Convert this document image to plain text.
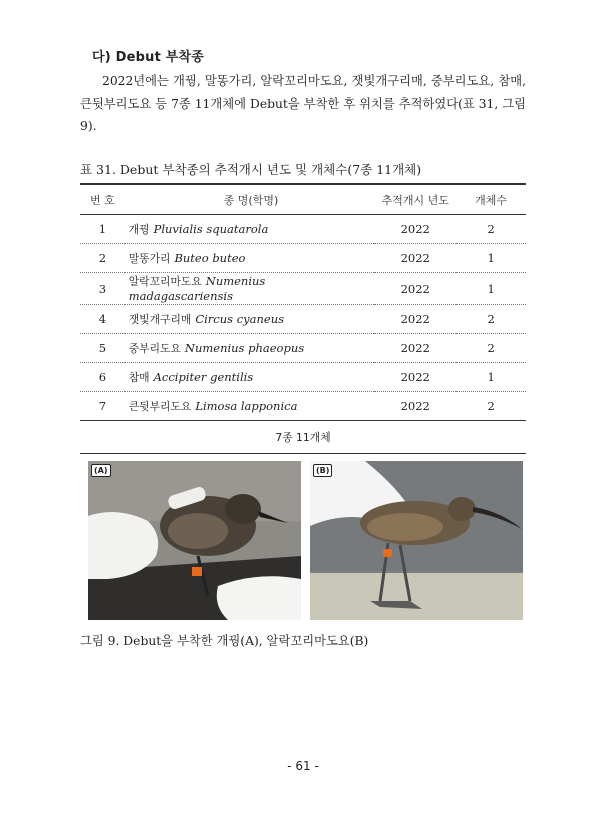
다) Debut 부착종
2022년에는 개꿩, 말똥가리, 알락꼬리마도요, 잿빛개구리매, 중부리도요, 참매, 큰뒷부리도요 등 7종 11개체에 Debut을 부착한 후 위치를 추적하였다(표 31, 그림 9).
표 31. Debut 부착종의 추적개시 년도 및 개체수(7종 11개체)
번 호	종 명(학명)	추적개시 년도	개체수
1	개꿩 Pluvialis squatarola	2022	2
2	말똥가리 Buteo buteo	2022	1
3	알락꼬리마도요 Numenius madagascariensis	2022	1
4	잿빛개구리매 Circus cyaneus	2022	2
5	중부리도요 Numenius phaeopus	2022	2
6	참매 Accipiter gentilis	2022	1
7	큰뒷부리도요 Limosa lapponica	2022	2
7종 11개체			
(A)	(B)
그림 9. Debut을 부착한 개꿩(A), 알락꼬리마도요(B)
- 61 -
